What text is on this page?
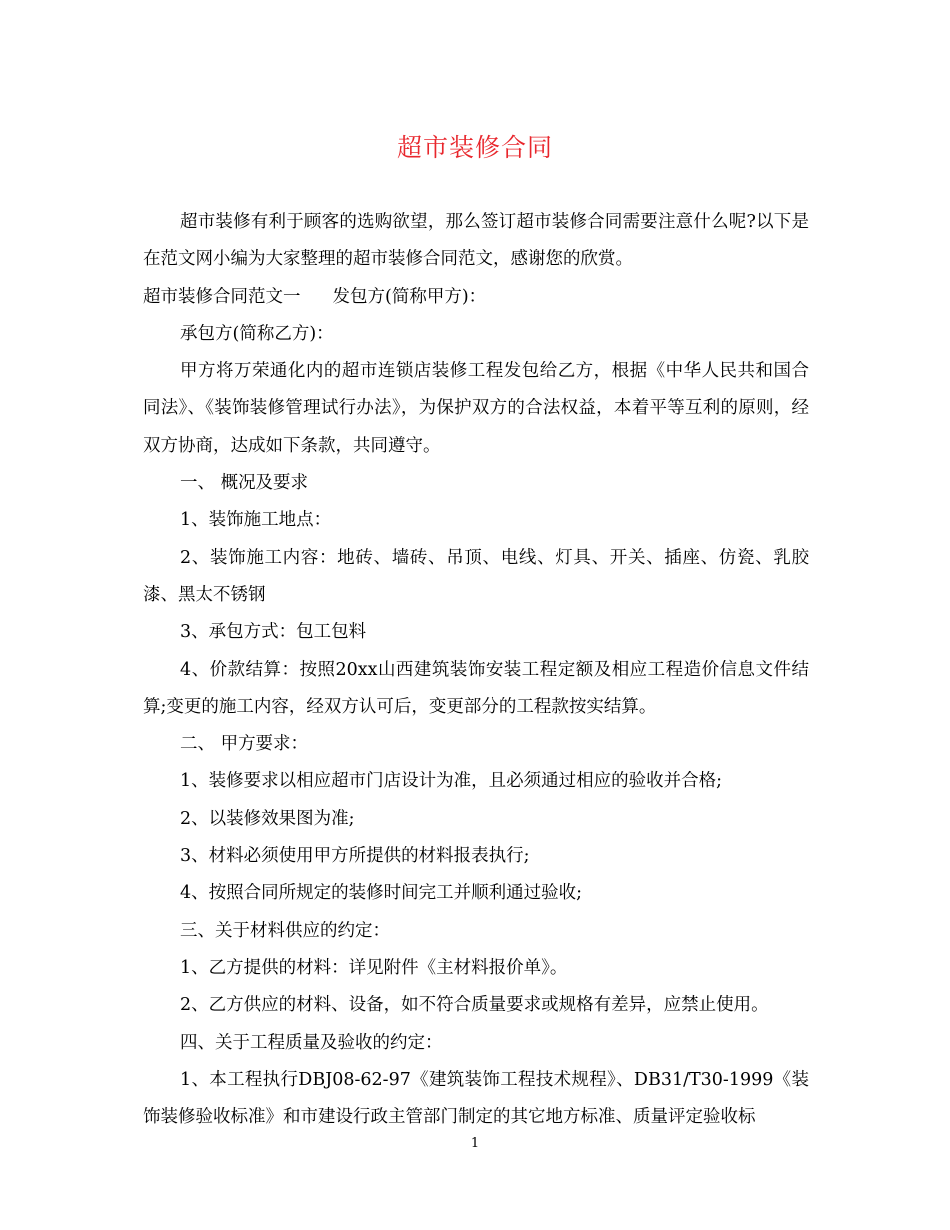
超市装修合同

超市装修有利于顾客的选购欲望，那么签订超市装修合同需要注意什么呢?以下是在范文网小编为大家整理的超市装修合同范文，感谢您的欣赏。

超市装修合同范文一 发包方(简称甲方)：

承包方(简称乙方)：

甲方将万荣通化内的超市连锁店装修工程发包给乙方，根据《中华人民共和国合同法》、《装饰装修管理试行办法》，为保护双方的合法权益，本着平等互利的原则，经双方协商，达成如下条款，共同遵守。

一、 概况及要求

1、装饰施工地点：

2、装饰施工内容：地砖、墙砖、吊顶、电线、灯具、开关、插座、仿瓷、乳胶漆、黑太不锈钢

3、承包方式：包工包料

4、价款结算：按照20xx山西建筑装饰安装工程定额及相应工程造价信息文件结算;变更的施工内容，经双方认可后，变更部分的工程款按实结算。

二、 甲方要求：

1、装修要求以相应超市门店设计为准，且必须通过相应的验收并合格;

2、以装修效果图为准;

3、材料必须使用甲方所提供的材料报表执行;

4、按照合同所规定的装修时间完工并顺利通过验收;

三、关于材料供应的约定：

1、乙方提供的材料：详见附件《主材料报价单》。

2、乙方供应的材料、设备，如不符合质量要求或规格有差异，应禁止使用。

四、关于工程质量及验收的约定：

1、本工程执行DBJ08-62-97《建筑装饰工程技术规程》、DB31/T30-1999《装饰装修验收标准》和市建设行政主管部门制定的其它地方标准、质量评定验收标

1
